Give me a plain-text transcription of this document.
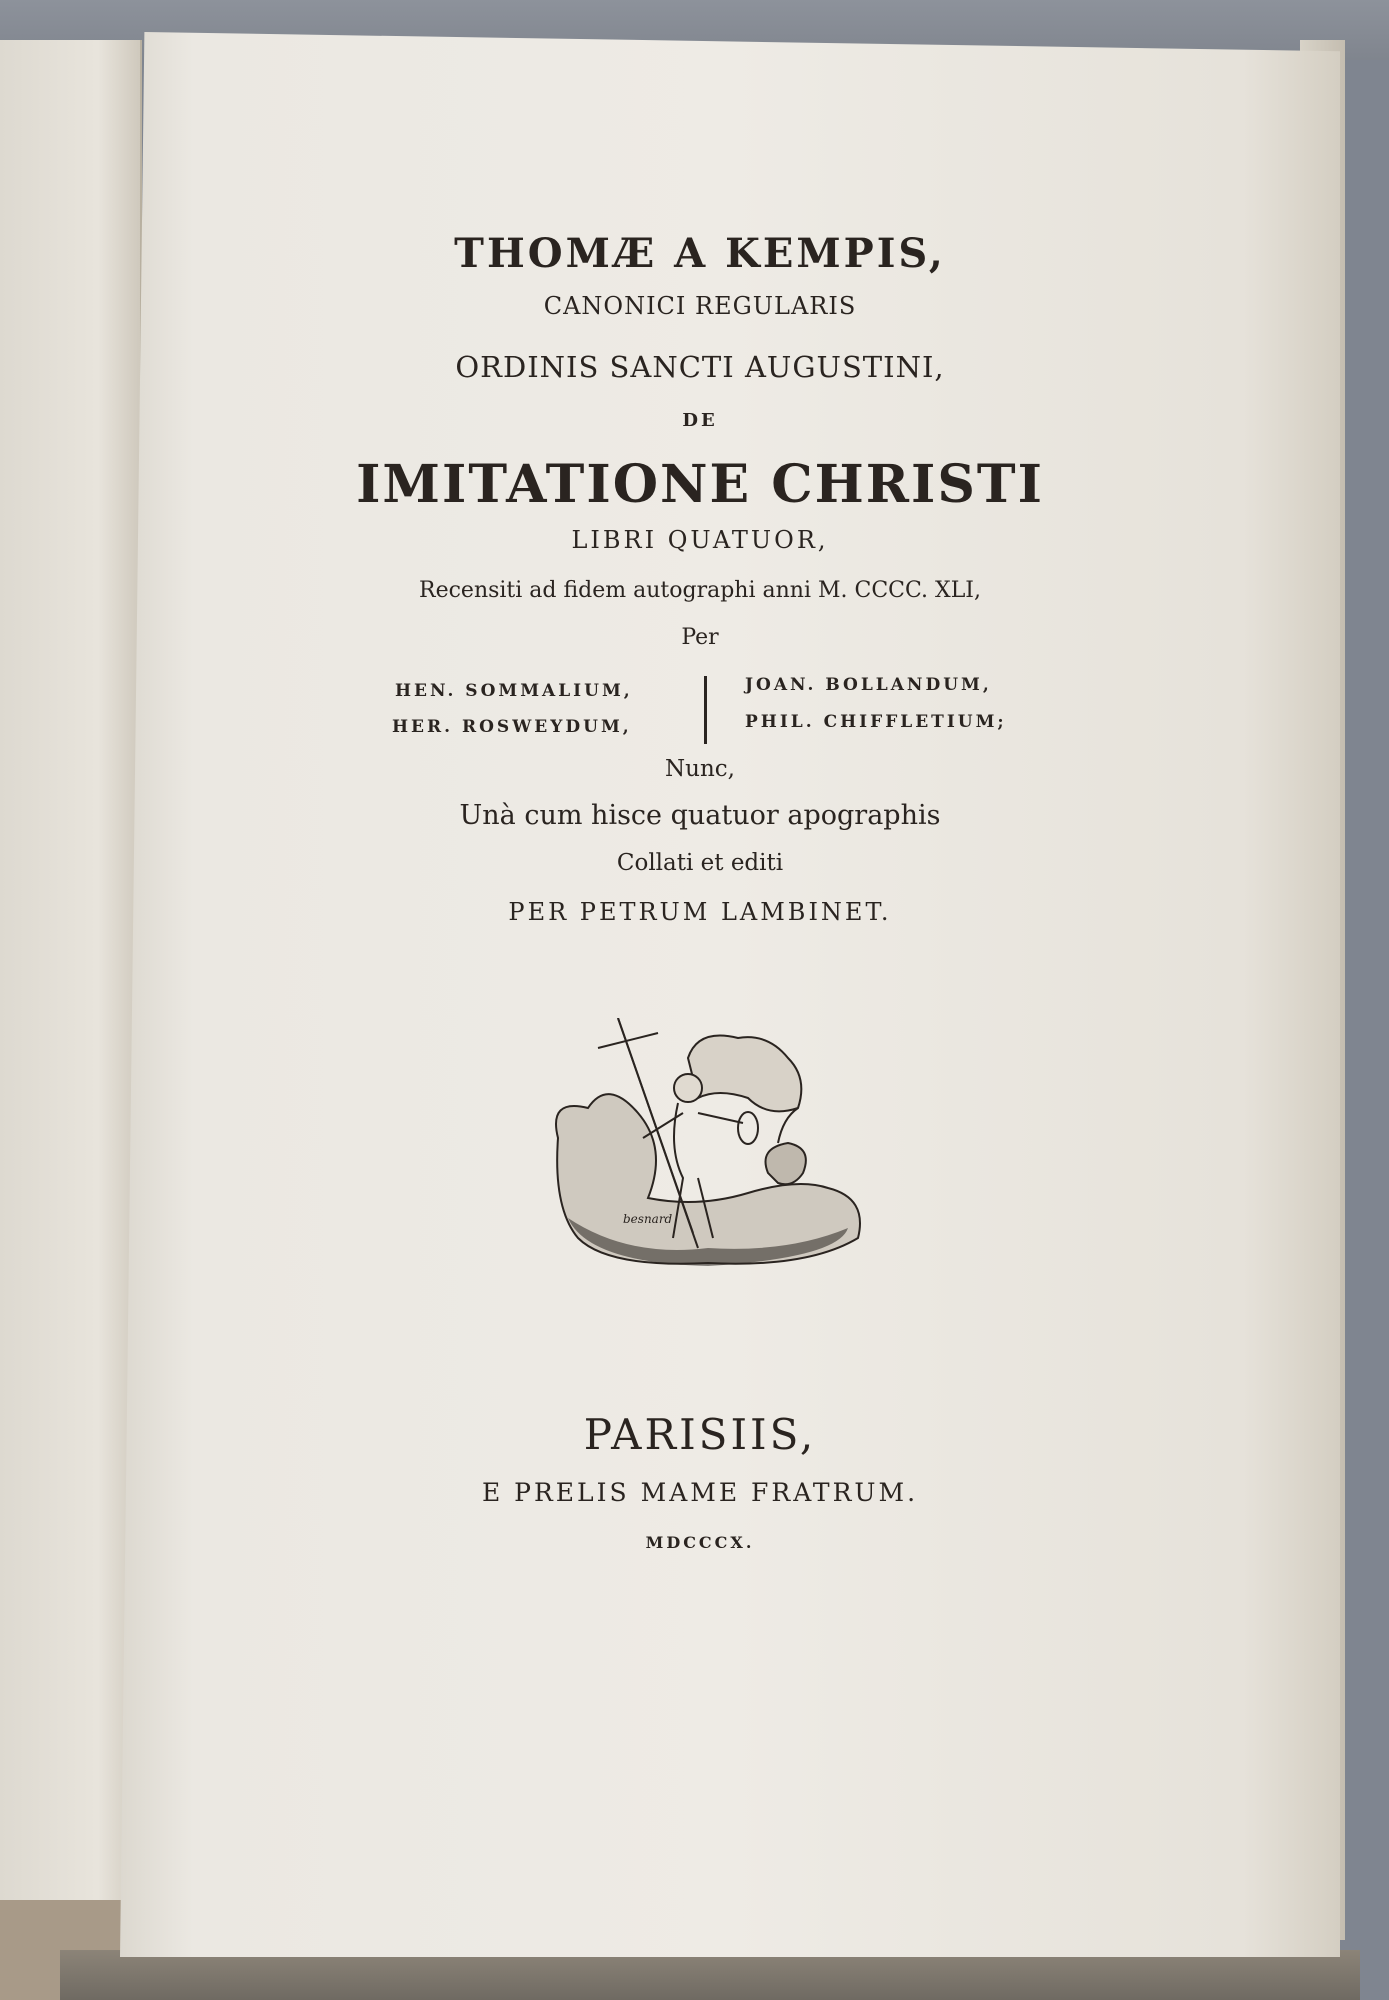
THOMÆ A KEMPIS,
CANONICI REGULARIS
ORDINIS SANCTI AUGUSTINI,
DE
IMITATIONE CHRISTI
LIBRI QUATUOR,
Recensiti ad fidem autographi anni M. CCCC. XLI,
Per
HEN. SOMMALIUM,
HER. ROSWEYDUM,
JOAN. BOLLANDUM,
PHIL. CHIFFLETIUM;
Nunc,
Unà cum hisce quatuor apographis
Collati et editi
PER PETRUM LAMBINET.
besnard
PARISIIS,
E PRELIS MAME FRATRUM.
MDCCCX.
